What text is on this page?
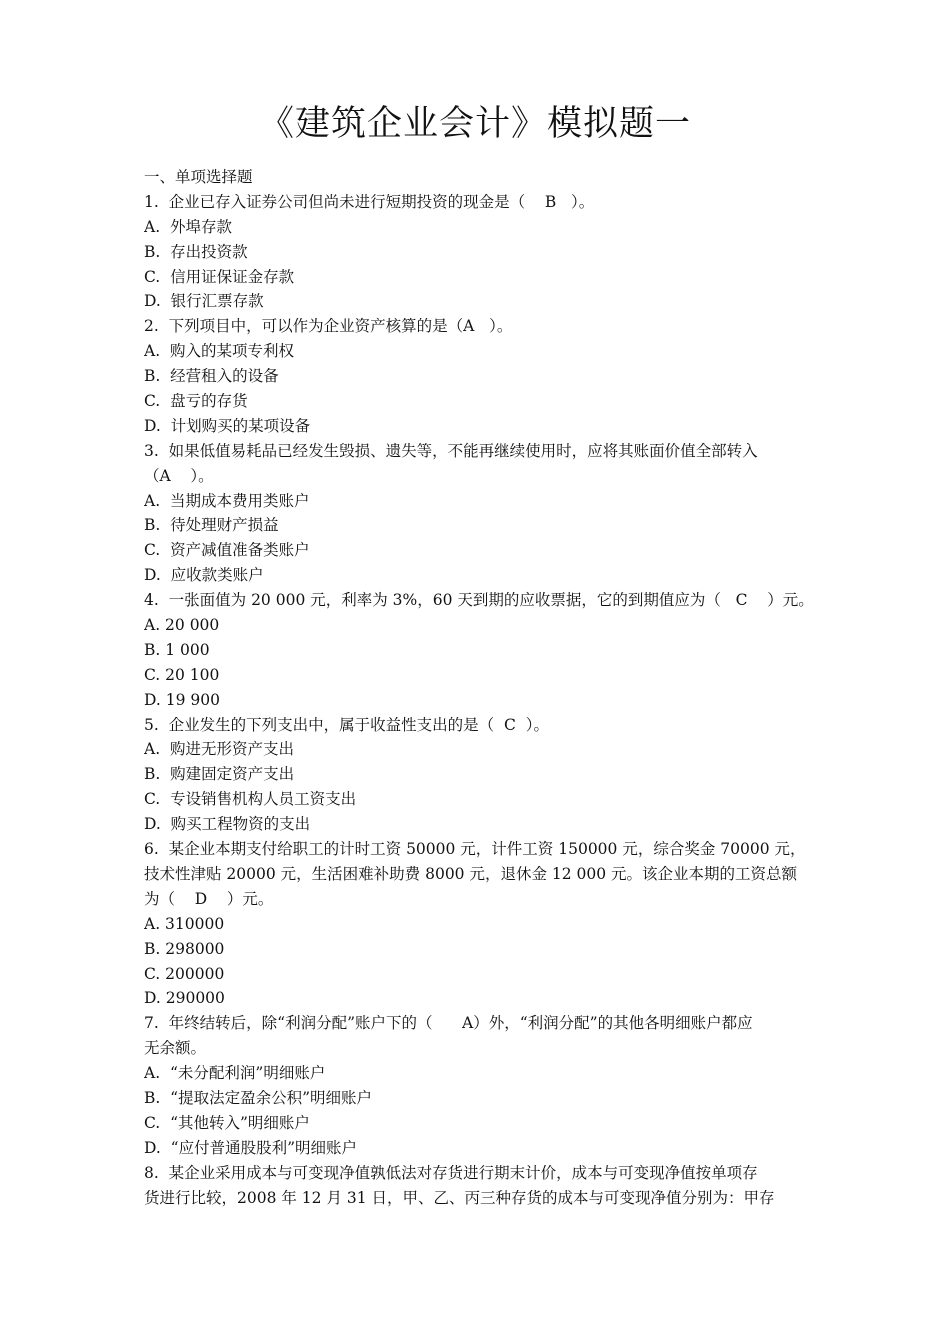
《建筑企业会计》模拟题一
一、单项选择题
1.  企业已存入证券公司但尚未进行短期投资的现金是（    B   ）。
A.  外埠存款
B.  存出投资款
C.  信用证保证金存款
D.  银行汇票存款
2.  下列项目中，可以作为企业资产核算的是（A   ）。
A.  购入的某项专利权
B.  经营租入的设备
C.  盘亏的存货
D.  计划购买的某项设备
3.  如果低值易耗品已经发生毁损、遗失等，不能再继续使用时，应将其账面价值全部转入
（A    ）。
A.  当期成本费用类账户
B.  待处理财产损益
C.  资产减值准备类账户
D.  应收款类账户
4.  一张面值为 20 000 元，利率为 3%，60 天到期的应收票据，它的到期值应为（   C    ）元。
A. 20 000
B. 1 000
C. 20 100
D. 19 900
5.  企业发生的下列支出中，属于收益性支出的是（  C  ）。
A.  购进无形资产支出
B.  购建固定资产支出
C.  专设销售机构人员工资支出
D.  购买工程物资的支出
6.  某企业本期支付给职工的计时工资 50000 元，计件工资 150000 元，综合奖金 70000 元，
技术性津贴 20000 元，生活困难补助费 8000 元，退休金 12 000 元。该企业本期的工资总额
为（    D    ）元。
A. 310000
B. 298000
C. 200000
D. 290000
7.  年终结转后，除“利润分配”账户下的（      A）外，“利润分配”的其他各明细账户都应
无余额。
A.  “未分配利润”明细账户
B.  “提取法定盈余公积”明细账户
C.  “其他转入”明细账户
D.  “应付普通股股利”明细账户
8.  某企业采用成本与可变现净值孰低法对存货进行期末计价，成本与可变现净值按单项存
货进行比较，2008 年 12 月 31 日，甲、乙、丙三种存货的成本与可变现净值分别为：甲存
